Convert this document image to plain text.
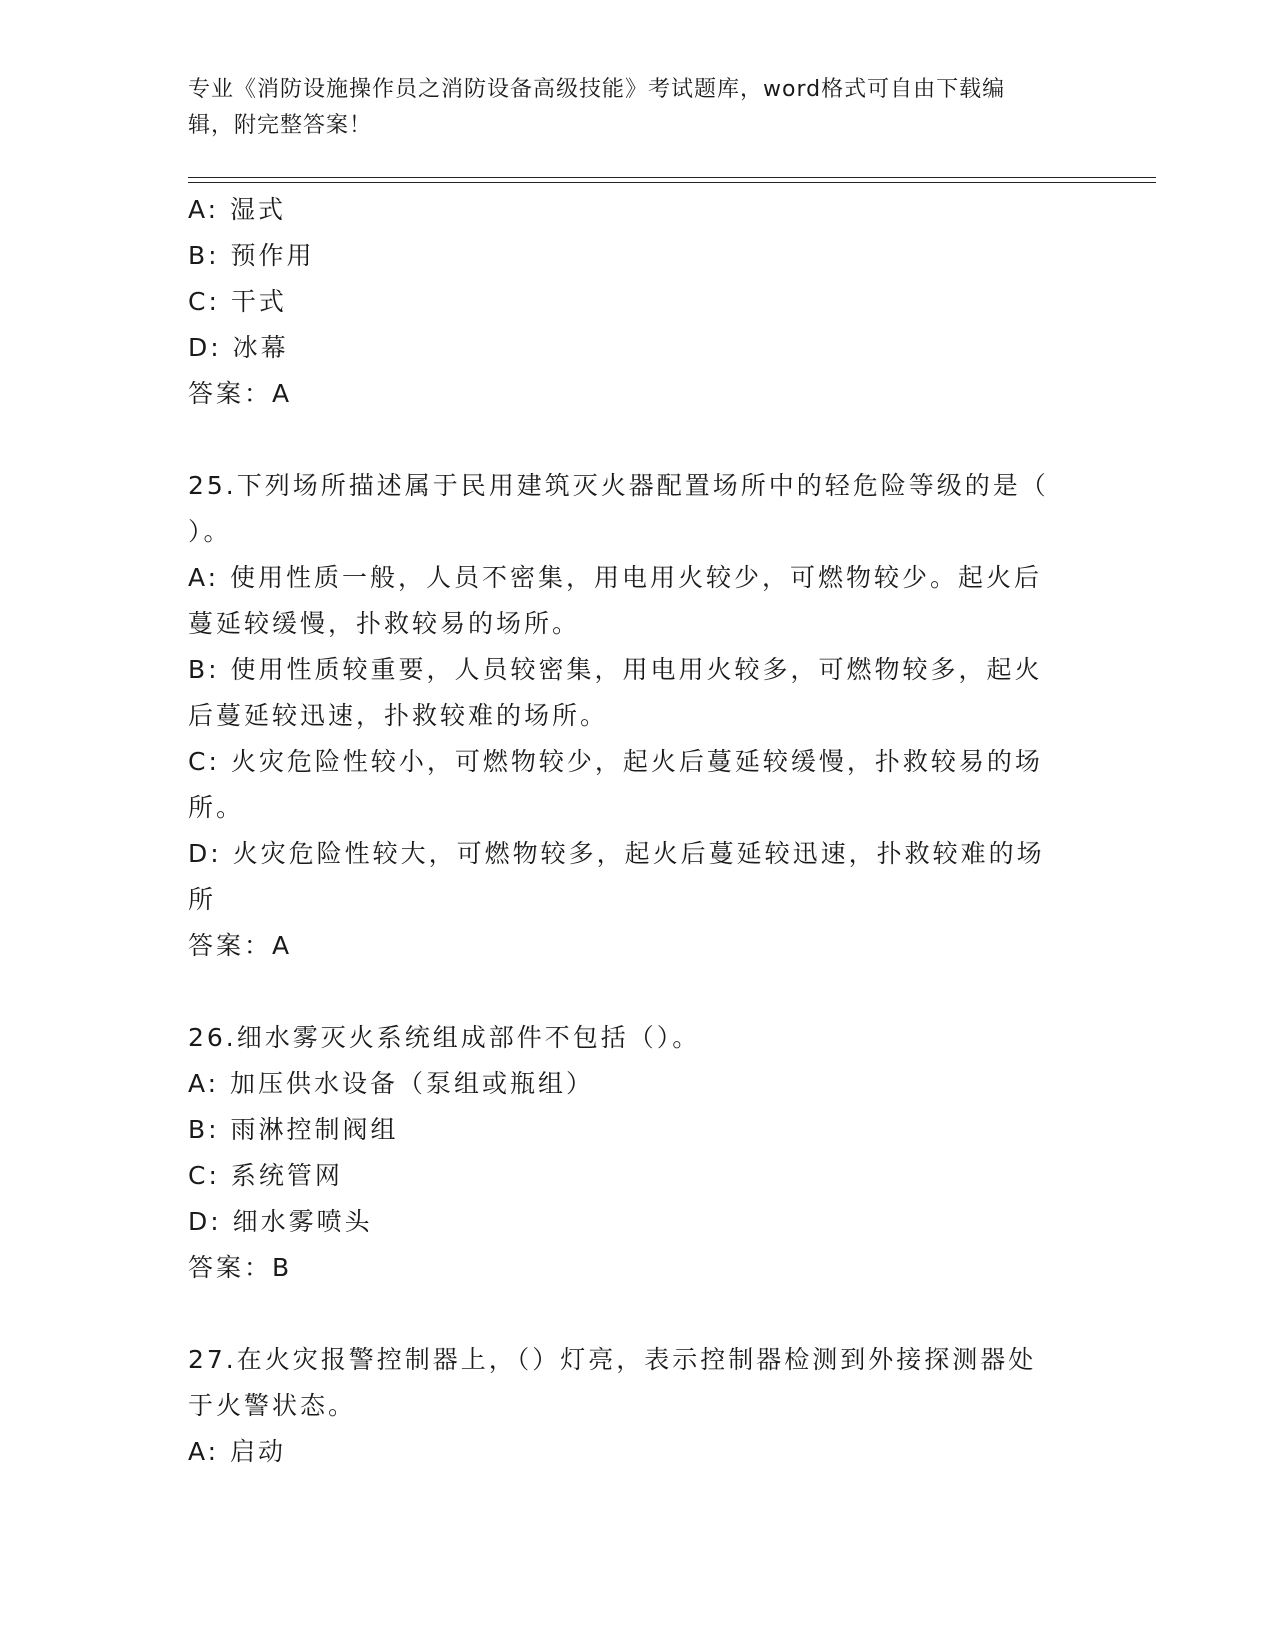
专业《消防设施操作员之消防设备高级技能》考试题库，word格式可自由下载编
辑，附完整答案！
A: 湿式
B: 预作用
C: 干式
D: 冰幕
答案：A
25.下列场所描述属于民用建筑灭火器配置场所中的轻危险等级的是（
）。
A: 使用性质一般，人员不密集，用电用火较少，可燃物较少。起火后
蔓延较缓慢，扑救较易的场所。
B: 使用性质较重要，人员较密集，用电用火较多，可燃物较多，起火
后蔓延较迅速，扑救较难的场所。
C: 火灾危险性较小，可燃物较少，起火后蔓延较缓慢，扑救较易的场
所。
D: 火灾危险性较大，可燃物较多，起火后蔓延较迅速，扑救较难的场
所
答案：A
26.细水雾灭火系统组成部件不包括（）。
A: 加压供水设备（泵组或瓶组）
B: 雨淋控制阀组
C: 系统管网
D: 细水雾喷头
答案：B
27.在火灾报警控制器上，（）灯亮，表示控制器检测到外接探测器处
于火警状态。
A: 启动
